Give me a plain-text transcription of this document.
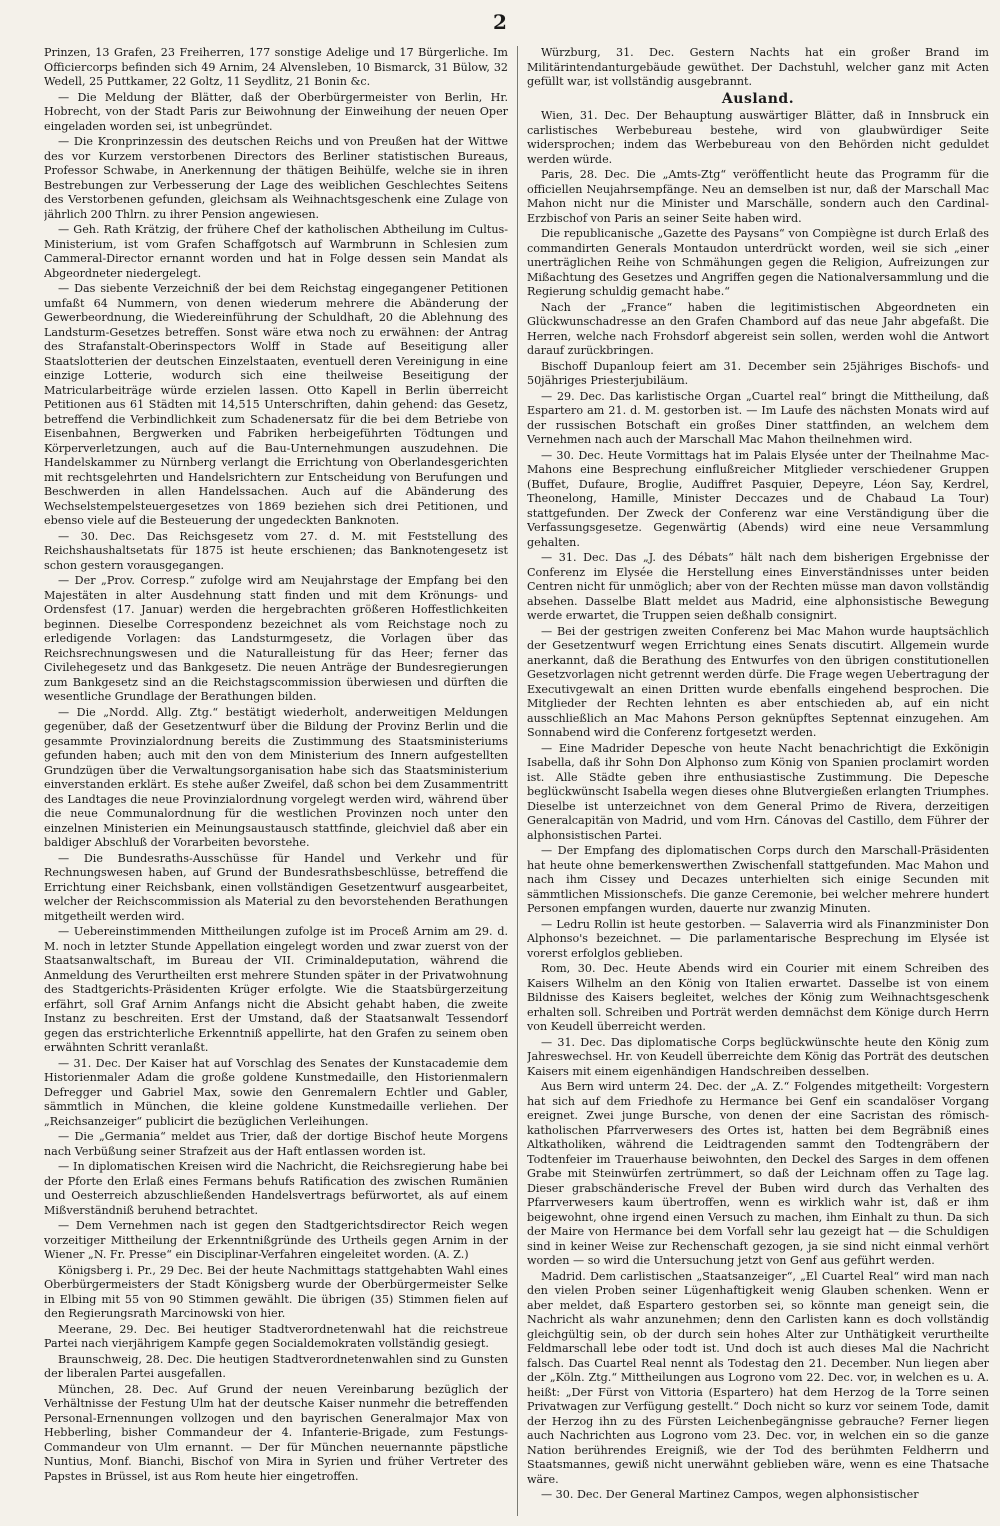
2

Prinzen, 13 Grafen, 23 Freiherren, 177 sonstige Adelige und 17 Bürgerliche. Im Officiercorps befinden sich 49 Arnim, 24 Alvensleben, 10 Bismarck, 31 Bülow, 32 Wedell, 25 Puttkamer, 22 Goltz, 11 Seydlitz, 21 Bonin &c.

— Die Meldung der Blätter, daß der Oberbürgermeister von Berlin, Hr. Hobrecht, von der Stadt Paris zur Beiwohnung der Einweihung der neuen Oper eingeladen worden sei, ist unbegründet.

— Die Kronprinzessin des deutschen Reichs und von Preußen hat der Wittwe des vor Kurzem verstorbenen Directors des Berliner statistischen Bureaus, Professor Schwabe, in Anerkennung der thätigen Beihülfe, welche sie in ihren Bestrebungen zur Verbesserung der Lage des weiblichen Geschlechtes Seitens des Verstorbenen gefunden, gleichsam als Weihnachtsgeschenk eine Zulage von jährlich 200 Thlrn. zu ihrer Pension angewiesen.

— Geh. Rath Krätzig, der frühere Chef der katholischen Abtheilung im Cultus-Ministerium, ist vom Grafen Schaffgotsch auf Warmbrunn in Schlesien zum Cammeral-Director ernannt worden und hat in Folge dessen sein Mandat als Abgeordneter niedergelegt.

— Das siebente Verzeichniß der bei dem Reichstag eingegangener Petitionen umfaßt 64 Nummern, von denen wiederum mehrere die Abänderung der Gewerbeordnung, die Wiedereinführung der Schuldhaft, 20 die Ablehnung des Landsturm-Gesetzes betreffen. Sonst wäre etwa noch zu erwähnen: der Antrag des Strafanstalt-Oberinspectors Wolff in Stade auf Beseitigung aller Staatslotterien der deutschen Einzelstaaten, eventuell deren Vereinigung in eine einzige Lotterie, wodurch sich eine theilweise Beseitigung der Matricularbeiträge würde erzielen lassen. Otto Kapell in Berlin überreicht Petitionen aus 61 Städten mit 14,515 Unterschriften, dahin gehend: das Gesetz, betreffend die Verbindlichkeit zum Schadenersatz für die bei dem Betriebe von Eisenbahnen, Bergwerken und Fabriken herbeigeführten Tödtungen und Körperverletzungen, auch auf die Bau-Unternehmungen auszudehnen. Die Handelskammer zu Nürnberg verlangt die Errichtung von Oberlandesgerichten mit rechtsgelehrten und Handelsrichtern zur Entscheidung von Berufungen und Beschwerden in allen Handelssachen. Auch auf die Abänderung des Wechselstempelsteuergesetzes von 1869 beziehen sich drei Petitionen, und ebenso viele auf die Besteuerung der ungedeckten Banknoten.

— 30. Dec. Das Reichsgesetz vom 27. d. M. mit Feststellung des Reichshaushaltsetats für 1875 ist heute erschienen; das Banknotengesetz ist schon gestern vorausgegangen.

— Der „Prov. Corresp.“ zufolge wird am Neujahrstage der Empfang bei den Majestäten in alter Ausdehnung statt finden und mit dem Krönungs- und Ordensfest (17. Januar) werden die hergebrachten größeren Hoffestlichkeiten beginnen. Dieselbe Correspondenz bezeichnet als vom Reichstage noch zu erledigende Vorlagen: das Landsturmgesetz, die Vorlagen über das Reichsrechnungswesen und die Naturalleistung für das Heer; ferner das Civilehegesetz und das Bankgesetz. Die neuen Anträge der Bundesregierungen zum Bankgesetz sind an die Reichstagscommission überwiesen und dürften die wesentliche Grundlage der Berathungen bilden.

— Die „Nordd. Allg. Ztg.“ bestätigt wiederholt, anderweitigen Meldungen gegenüber, daß der Gesetzentwurf über die Bildung der Provinz Berlin und die gesammte Provinzialordnung bereits die Zustimmung des Staatsministeriums gefunden haben; auch mit den von dem Ministerium des Innern aufgestellten Grundzügen über die Verwaltungsorganisation habe sich das Staatsministerium einverstanden erklärt. Es stehe außer Zweifel, daß schon bei dem Zusammentritt des Landtages die neue Provinzialordnung vorgelegt werden wird, während über die neue Communalordnung für die westlichen Provinzen noch unter den einzelnen Ministerien ein Meinungsaustausch stattfinde, gleichviel daß aber ein baldiger Abschluß der Vorarbeiten bevorstehe.

— Die Bundesraths-Ausschüsse für Handel und Verkehr und für Rechnungswesen haben, auf Grund der Bundesrathsbeschlüsse, betreffend die Errichtung einer Reichsbank, einen vollständigen Gesetzentwurf ausgearbeitet, welcher der Reichscommission als Material zu den bevorstehenden Berathungen mitgetheilt werden wird.

— Uebereinstimmenden Mittheilungen zufolge ist im Proceß Arnim am 29. d. M. noch in letzter Stunde Appellation eingelegt worden und zwar zuerst von der Staatsanwaltschaft, im Bureau der VII. Criminaldeputation, während die Anmeldung des Verurtheilten erst mehrere Stunden später in der Privatwohnung des Stadtgerichts-Präsidenten Krüger erfolgte. Wie die Staatsbürgerzeitung erfährt, soll Graf Arnim Anfangs nicht die Absicht gehabt haben, die zweite Instanz zu beschreiten. Erst der Umstand, daß der Staatsanwalt Tessendorf gegen das erstrichterliche Erkenntniß appellirte, hat den Grafen zu seinem oben erwähnten Schritt veranlaßt.

— 31. Dec. Der Kaiser hat auf Vorschlag des Senates der Kunstacademie dem Historienmaler Adam die große goldene Kunstmedaille, den Historienmalern Defregger und Gabriel Max, sowie den Genremalern Echtler und Gabler, sämmtlich in München, die kleine goldene Kunstmedaille verliehen. Der „Reichsanzeiger“ publicirt die bezüglichen Verleihungen.

— Die „Germania“ meldet aus Trier, daß der dortige Bischof heute Morgens nach Verbüßung seiner Strafzeit aus der Haft entlassen worden ist.

— In diplomatischen Kreisen wird die Nachricht, die Reichsregierung habe bei der Pforte den Erlaß eines Fermans behufs Ratification des zwischen Rumänien und Oesterreich abzuschließenden Handelsvertrags befürwortet, als auf einem Mißverständniß beruhend betrachtet.

— Dem Vernehmen nach ist gegen den Stadtgerichtsdirector Reich wegen vorzeitiger Mittheilung der Erkenntnißgründe des Urtheils gegen Arnim in der Wiener „N. Fr. Presse“ ein Disciplinar-Verfahren eingeleitet worden. (A. Z.)

Königsberg i. Pr., 29 Dec. Bei der heute Nachmittags stattgehabten Wahl eines Oberbürgermeisters der Stadt Königsberg wurde der Oberbürgermeister Selke in Elbing mit 55 von 90 Stimmen gewählt. Die übrigen (35) Stimmen fielen auf den Regierungsrath Marcinowski von hier.

Meerane, 29. Dec. Bei heutiger Stadtverordnetenwahl hat die reichstreue Partei nach vierjährigem Kampfe gegen Socialdemokraten vollständig gesiegt.

Braunschweig, 28. Dec. Die heutigen Stadtverordnetenwahlen sind zu Gunsten der liberalen Partei ausgefallen.

München, 28. Dec. Auf Grund der neuen Vereinbarung bezüglich der Verhältnisse der Festung Ulm hat der deutsche Kaiser nunmehr die betreffenden Personal-Ernennungen vollzogen und den bayrischen Generalmajor Max von Hebberling, bisher Commandeur der 4. Infanterie-Brigade, zum Festungs-Commandeur von Ulm ernannt. — Der für München neuernannte päpstliche Nuntius, Monf. Bianchi, Bischof von Mira in Syrien und früher Vertreter des Papstes in Brüssel, ist aus Rom heute hier eingetroffen.

Würzburg, 31. Dec. Gestern Nachts hat ein großer Brand im Militärintendanturgebäude gewüthet. Der Dachstuhl, welcher ganz mit Acten gefüllt war, ist vollständig ausgebrannt.

Ausland.

Wien, 31. Dec. Der Behauptung auswärtiger Blätter, daß in Innsbruck ein carlistisches Werbebureau bestehe, wird von glaubwürdiger Seite widersprochen; indem das Werbebureau von den Behörden nicht geduldet werden würde.

Paris, 28. Dec. Die „Amts-Ztg“ veröffentlicht heute das Programm für die officiellen Neujahrsempfänge. Neu an demselben ist nur, daß der Marschall Mac Mahon nicht nur die Minister und Marschälle, sondern auch den Cardinal-Erzbischof von Paris an seiner Seite haben wird.

Die republicanische „Gazette des Paysans“ von Compiègne ist durch Erlaß des commandirten Generals Montaudon unterdrückt worden, weil sie sich „einer unerträglichen Reihe von Schmähungen gegen die Religion, Aufreizungen zur Mißachtung des Gesetzes und Angriffen gegen die Nationalversammlung und die Regierung schuldig gemacht habe.“

Nach der „France“ haben die legitimistischen Abgeordneten ein Glückwunschadresse an den Grafen Chambord auf das neue Jahr abgefaßt. Die Herren, welche nach Frohsdorf abgereist sein sollen, werden wohl die Antwort darauf zurückbringen.

Bischoff Dupanloup feiert am 31. December sein 25jähriges Bischofs- und 50jähriges Priesterjubiläum.

— 29. Dec. Das karlistische Organ „Cuartel real“ bringt die Mittheilung, daß Espartero am 21. d. M. gestorben ist. — Im Laufe des nächsten Monats wird auf der russischen Botschaft ein großes Diner stattfinden, an welchem dem Vernehmen nach auch der Marschall Mac Mahon theilnehmen wird.

— 30. Dec. Heute Vormittags hat im Palais Elysée unter der Theilnahme Mac-Mahons eine Besprechung einflußreicher Mitglieder verschiedener Gruppen (Buffet, Dufaure, Broglie, Audiffret Pasquier, Depeyre, Léon Say, Kerdrel, Theonelong, Hamille, Minister Deccazes und de Chabaud La Tour) stattgefunden. Der Zweck der Conferenz war eine Verständigung über die Verfassungsgesetze. Gegenwärtig (Abends) wird eine neue Versammlung gehalten.

— 31. Dec. Das „J. des Débats“ hält nach dem bisherigen Ergebnisse der Conferenz im Elysée die Herstellung eines Einverständnisses unter beiden Centren nicht für unmöglich; aber von der Rechten müsse man davon vollständig absehen. Dasselbe Blatt meldet aus Madrid, eine alphonsistische Bewegung werde erwartet, die Truppen seien deßhalb consignirt.

— Bei der gestrigen zweiten Conferenz bei Mac Mahon wurde hauptsächlich der Gesetzentwurf wegen Errichtung eines Senats discutirt. Allgemein wurde anerkannt, daß die Berathung des Entwurfes von den übrigen constitutionellen Gesetzvorlagen nicht getrennt werden dürfe. Die Frage wegen Uebertragung der Executivgewalt an einen Dritten wurde ebenfalls eingehend besprochen. Die Mitglieder der Rechten lehnten es aber entschieden ab, auf ein nicht ausschließlich an Mac Mahons Person geknüpftes Septennat einzugehen. Am Sonnabend wird die Conferenz fortgesetzt werden.

— Eine Madrider Depesche von heute Nacht benachrichtigt die Exkönigin Isabella, daß ihr Sohn Don Alphonso zum König von Spanien proclamirt worden ist. Alle Städte geben ihre enthusiastische Zustimmung. Die Depesche beglückwünscht Isabella wegen dieses ohne Blutvergießen erlangten Triumphes. Dieselbe ist unterzeichnet von dem General Primo de Rivera, derzeitigen Generalcapitän von Madrid, und vom Hrn. Cánovas del Castillo, dem Führer der alphonsistischen Partei.

— Der Empfang des diplomatischen Corps durch den Marschall-Präsidenten hat heute ohne bemerkenswerthen Zwischenfall stattgefunden. Mac Mahon und nach ihm Cissey und Decazes unterhielten sich einige Secunden mit sämmtlichen Missionschefs. Die ganze Ceremonie, bei welcher mehrere hundert Personen empfangen wurden, dauerte nur zwanzig Minuten.

— Ledru Rollin ist heute gestorben. — Salaverria wird als Finanzminister Don Alphonso's bezeichnet. — Die parlamentarische Besprechung im Elysée ist vorerst erfolglos geblieben.

Rom, 30. Dec. Heute Abends wird ein Courier mit einem Schreiben des Kaisers Wilhelm an den König von Italien erwartet. Dasselbe ist von einem Bildnisse des Kaisers begleitet, welches der König zum Weihnachtsgeschenk erhalten soll. Schreiben und Porträt werden demnächst dem Könige durch Herrn von Keudell überreicht werden.

— 31. Dec. Das diplomatische Corps beglückwünschte heute den König zum Jahreswechsel. Hr. von Keudell überreichte dem König das Porträt des deutschen Kaisers mit einem eigenhändigen Handschreiben desselben.

Aus Bern wird unterm 24. Dec. der „A. Z.“ Folgendes mitgetheilt: Vorgestern hat sich auf dem Friedhofe zu Hermance bei Genf ein scandalöser Vorgang ereignet. Zwei junge Bursche, von denen der eine Sacristan des römisch-katholischen Pfarrverwesers des Ortes ist, hatten bei dem Begräbniß eines Altkatholiken, während die Leidtragenden sammt den Todtengräbern der Todtenfeier im Trauerhause beiwohnten, den Deckel des Sarges in dem offenen Grabe mit Steinwürfen zertrümmert, so daß der Leichnam offen zu Tage lag. Dieser grabschänderische Frevel der Buben wird durch das Verhalten des Pfarrverwesers kaum übertroffen, wenn es wirklich wahr ist, daß er ihm beigewohnt, ohne irgend einen Versuch zu machen, ihm Einhalt zu thun. Da sich der Maire von Hermance bei dem Vorfall sehr lau gezeigt hat — die Schuldigen sind in keiner Weise zur Rechenschaft gezogen, ja sie sind nicht einmal verhört worden — so wird die Untersuchung jetzt von Genf aus geführt werden.

Madrid. Dem carlistischen „Staatsanzeiger“, „El Cuartel Real“ wird man nach den vielen Proben seiner Lügenhaftigkeit wenig Glauben schenken. Wenn er aber meldet, daß Espartero gestorben sei, so könnte man geneigt sein, die Nachricht als wahr anzunehmen; denn den Carlisten kann es doch vollständig gleichgültig sein, ob der durch sein hohes Alter zur Unthätigkeit verurtheilte Feldmarschall lebe oder todt ist. Und doch ist auch dieses Mal die Nachricht falsch. Das Cuartel Real nennt als Todestag den 21. December. Nun liegen aber der „Köln. Ztg.“ Mittheilungen aus Logrono vom 22. Dec. vor, in welchen es u. A. heißt: „Der Fürst von Vittoria (Espartero) hat dem Herzog de la Torre seinen Privatwagen zur Verfügung gestellt.“ Doch nicht so kurz vor seinem Tode, damit der Herzog ihn zu des Fürsten Leichenbegängnisse gebrauche? Ferner liegen auch Nachrichten aus Logrono vom 23. Dec. vor, in welchen ein so die ganze Nation berührendes Ereigniß, wie der Tod des berühmten Feldherrn und Staatsmannes, gewiß nicht unerwähnt geblieben wäre, wenn es eine Thatsache wäre.

— 30. Dec. Der General Martinez Campos, wegen alphonsistischer
